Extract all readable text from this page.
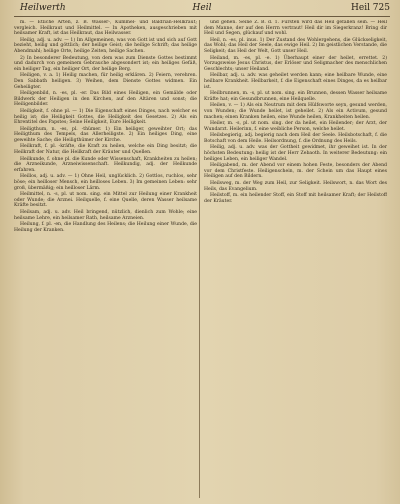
Heilwerth	Heil	Heil 725

m. — Etliche Arten, z. B. Wasser-, Kümmel- und Baldrian-Hellkraut; vergleich. Heilkraut und Heilmittel. — In Apotheken, ausgeschrieben mit heilsamer Kraft, ist das Heilkraut, das Heilwasser.

Heilig, adj. u. adv. — 1) Im Allgemeinen, was von Gott ist und sich auf Gott bezieht, heilig und göttlich; der heilige Geist; die heilige Schrift; das heilige Abendmahl; heilige Orte, heilige Zeiten, heilige Sachen.

2) In besonderer Bedeutung, von dem was zum Dienste Gottes bestimmt und dadurch von gemeinem Gebrauche abgesondert ist; ein heiliges Gefäß, ein heiliger Tag, ein heiliger Ort, der heilige Berg.

Heiligen, v. a. 1) Heilig machen, für heilig erklären. 2) Feiern, verehren. Den Sabbath heiligen. 3) Weihen, dem Dienste Gottes widmen. Ein Geheiligter.

Heiligenbild, n. -es, pl. -er. Das Bild eines Heiligen, ein Gemälde oder Bildwerk der Heiligen in den Kirchen, auf den Altären und sonst; die Heiligenbilder.

Heiligkeit, f. ohne pl. — 1) Die Eigenschaft eines Dinges, nach welcher es heilig ist; die Heiligkeit Gottes, die Heiligkeit des Gesetzes. 2) Als ein Ehrentitel des Papstes; Seine Heiligkeit, Eure Heiligkeit.

Heiligthum, n. -es, pl. -thümer. 1) Ein heiliger, geweihter Ort; das Heiligthum des Tempels, das Allerheiligste. 2) Ein heiliges Ding, eine geweihte Sache; die Heiligthümer der Kirche.

Heilkraft, f. pl. -kräfte, die Kraft zu heilen, welche ein Ding besitzt; die Heilkraft der Natur, die Heilkraft der Kräuter und Quellen.

Heilkunde, f. ohne pl. die Kunde oder Wissenschaft, Krankheiten zu heilen; die Arzneikunde, Arzneiwissenschaft. Heilkundig, adj. der Heilkunde erfahren.

Heillos, adj. u. adv. — 1) Ohne Heil, unglücklich. 2) Gottlos, ruchlos, sehr böse; ein heilloser Mensch, ein heilloses Leben. 3) Im gemeinen Leben: sehr groß, übermäßig; ein heilloser Lärm.

Heilmittel, n. -s, pl. ut nom. sing. ein Mittel zur Heilung einer Krankheit oder Wunde; die Arznei. Heilquelle, f. eine Quelle, deren Wasser heilsame Kräfte besitzt.

Heilsam, adj. u. adv. Heil bringend, nützlich, dienlich zum Wohle; eine heilsame Lehre, ein heilsamer Rath, heilsame Arzneien.

Heilung, f. pl. -en, die Handlung des Heilens; die Heilung einer Wunde, die Heilung der Kranken.

und gehen. Seine Z. B. d. 1. Fürsten wird das Heil gefallen sein. — Heil dem Manne, der auf den Herrn vertraut! Heil dir im Siegerkranz! Bring dir Heil und Segen, glückauf und wohl.

Heil, n. -es, pl. inus. 1) Der Zustand des Wohlergehens, die Glückseligkeit, das Wohl; das Heil der Seele, das ewige Heil. 2) Im geistlichen Verstande, die Seligkeit; das Heil der Welt, Gott unser Heil.

Heiland, m. -es, pl. -e. 1) Überhaupt einer der heilet, errettet. 2) Vorzugsweise Jesus Christus, der Erlöser und Seligmacher des menschlichen Geschlechts; unser Heiland.

Heilbar, adj. u. adv. was geheilet werden kann; eine heilbare Wunde, eine heilbare Krankheit. Heilbarkeit, f. die Eigenschaft eines Dinges, da es heilbar ist.

Heilbrunnen, m. -s, pl. ut nom. sing. ein Brunnen, dessen Wasser heilsame Kräfte hat; ein Gesundbrunnen, eine Heilquelle.

Heilen, v. — 1) Als ein Neutrum mit dem Hülfsworte seyn, gesund werden, von Wunden; die Wunde heilet, ist geheilet. 2) Als ein Activum, gesund machen; einen Kranken heilen, eine Wunde heilen, Krankheiten heilen.

Heiler, m. -s, pl. ut nom. sing. der da heilet, ein Heilender; der Arzt, der Wundarzt. Heilerinn, f. eine weibliche Person, welche heilet.

Heilsbegierig, adj. begierig nach dem Heil der Seele. Heilsbotschaft, f. die Botschaft von dem Heile. Heilsordnung, f. die Ordnung des Heils.

Heilig, adj. u. adv. was der Gottheit gewidmet, ihr geweihet ist. In der höchsten Bedeutung: heilig ist der Herr Zebaoth. In weiterer Bedeutung: ein heiliges Leben, ein heiliger Wandel.

Heiligabend, m. der Abend vor einem hohen Feste, besonders der Abend vor dem Christfeste. Heiligenschein, m. der Schein um das Haupt eines Heiligen auf den Bildern.

Heilsweg, m. der Weg zum Heil, zur Seligkeit. Heilswort, n. das Wort des Heils, das Evangelium.

Heilstoff, m. ein heilender Stoff, ein Stoff mit heilsamer Kraft; der Heilstoff der Kräuter.
